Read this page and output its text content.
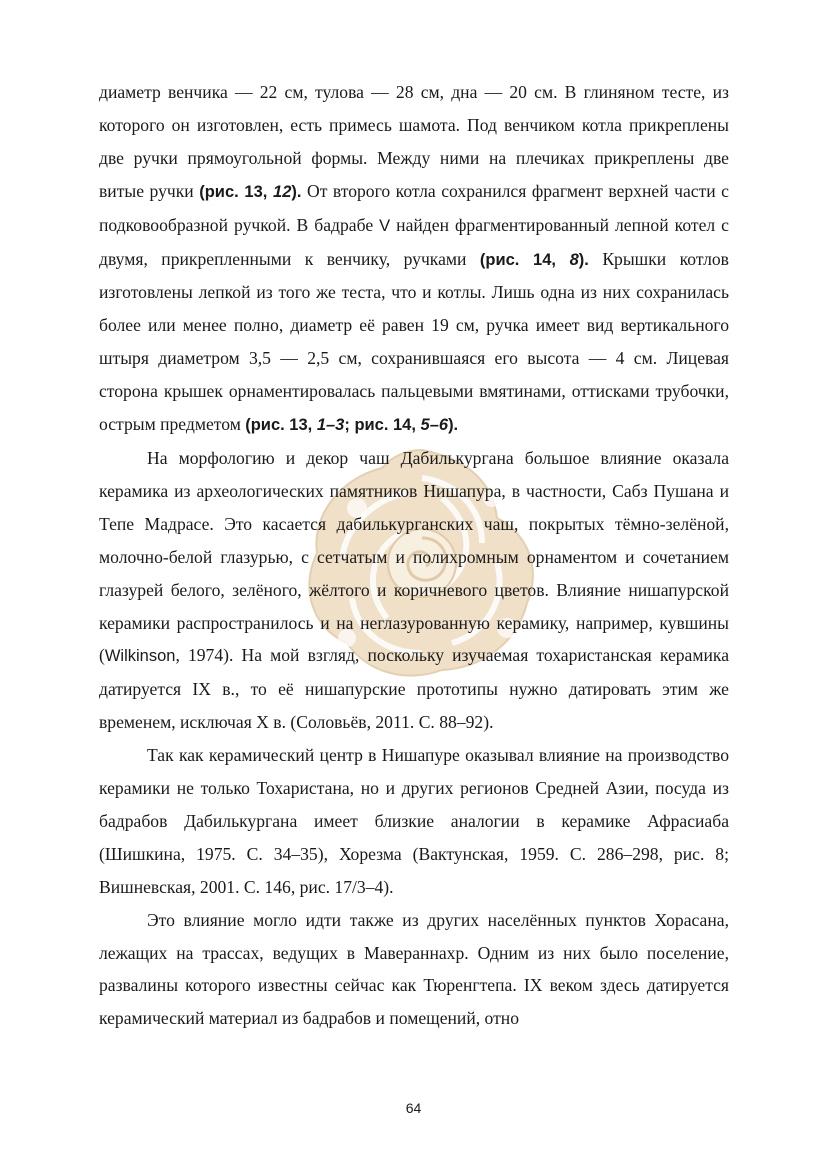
диаметр венчика — 22 см, тулова — 28 см, дна — 20 см. В глиняном тесте, из которого он изготовлен, есть примесь шамота. Под венчиком котла прикреплены две ручки прямоугольной формы. Между ними на плечиках прикреплены две витые ручки (рис. 13, 12). От второго котла сохранился фрагмент верхней части с подковообразной ручкой. В бадрабе V найден фрагментированный лепной котел с двумя, прикрепленными к венчику, ручками (рис. 14, 8). Крышки котлов изготовлены лепкой из того же теста, что и котлы. Лишь одна из них сохранилась более или менее полно, диаметр её равен 19 см, ручка имеет вид вертикального штыря диаметром 3,5 — 2,5 см, сохранившаяся его высота — 4 см. Лицевая сторона крышек орнаментировалась пальцевыми вмятинами, оттисками трубочки, острым предметом (рис. 13, 1–3; рис. 14, 5–6).

На морфологию и декор чаш Дабилькургана большое влияние оказала керамика из археологических памятников Нишапура, в частности, Сабз Пушана и Тепе Мадрасе. Это касается дабилькурганских чаш, покрытых тёмно-зелёной, молочно-белой глазурью, с сетчатым и полихромным орнаментом и сочетанием глазурей белого, зелёного, жёлтого и коричневого цветов. Влияние нишапурской керамики распространилось и на неглазурованную керамику, например, кувшины (Wilkinson, 1974). На мой взгляд, поскольку изучаемая тохаристанская керамика датируется IX в., то её нишапурские прототипы нужно датировать этим же временем, исключая X в. (Соловьёв, 2011. С. 88–92).

Так как керамический центр в Нишапуре оказывал влияние на производство керамики не только Тохаристана, но и других регионов Средней Азии, посуда из бадрабов Дабилькургана имеет близкие аналогии в керамике Афрасиаба (Шишкина, 1975. С. 34–35), Хорезма (Вактунская, 1959. С. 286–298, рис. 8; Вишневская, 2001. С. 146, рис. 17/3–4).

Это влияние могло идти также из других населённых пунктов Хорасана, лежащих на трассах, ведущих в Мавераннахр. Одним из них было поселение, развалины которого известны сейчас как Тюренгтепа. IX веком здесь датируется керамический материал из бадрабов и помещений, отно

64
